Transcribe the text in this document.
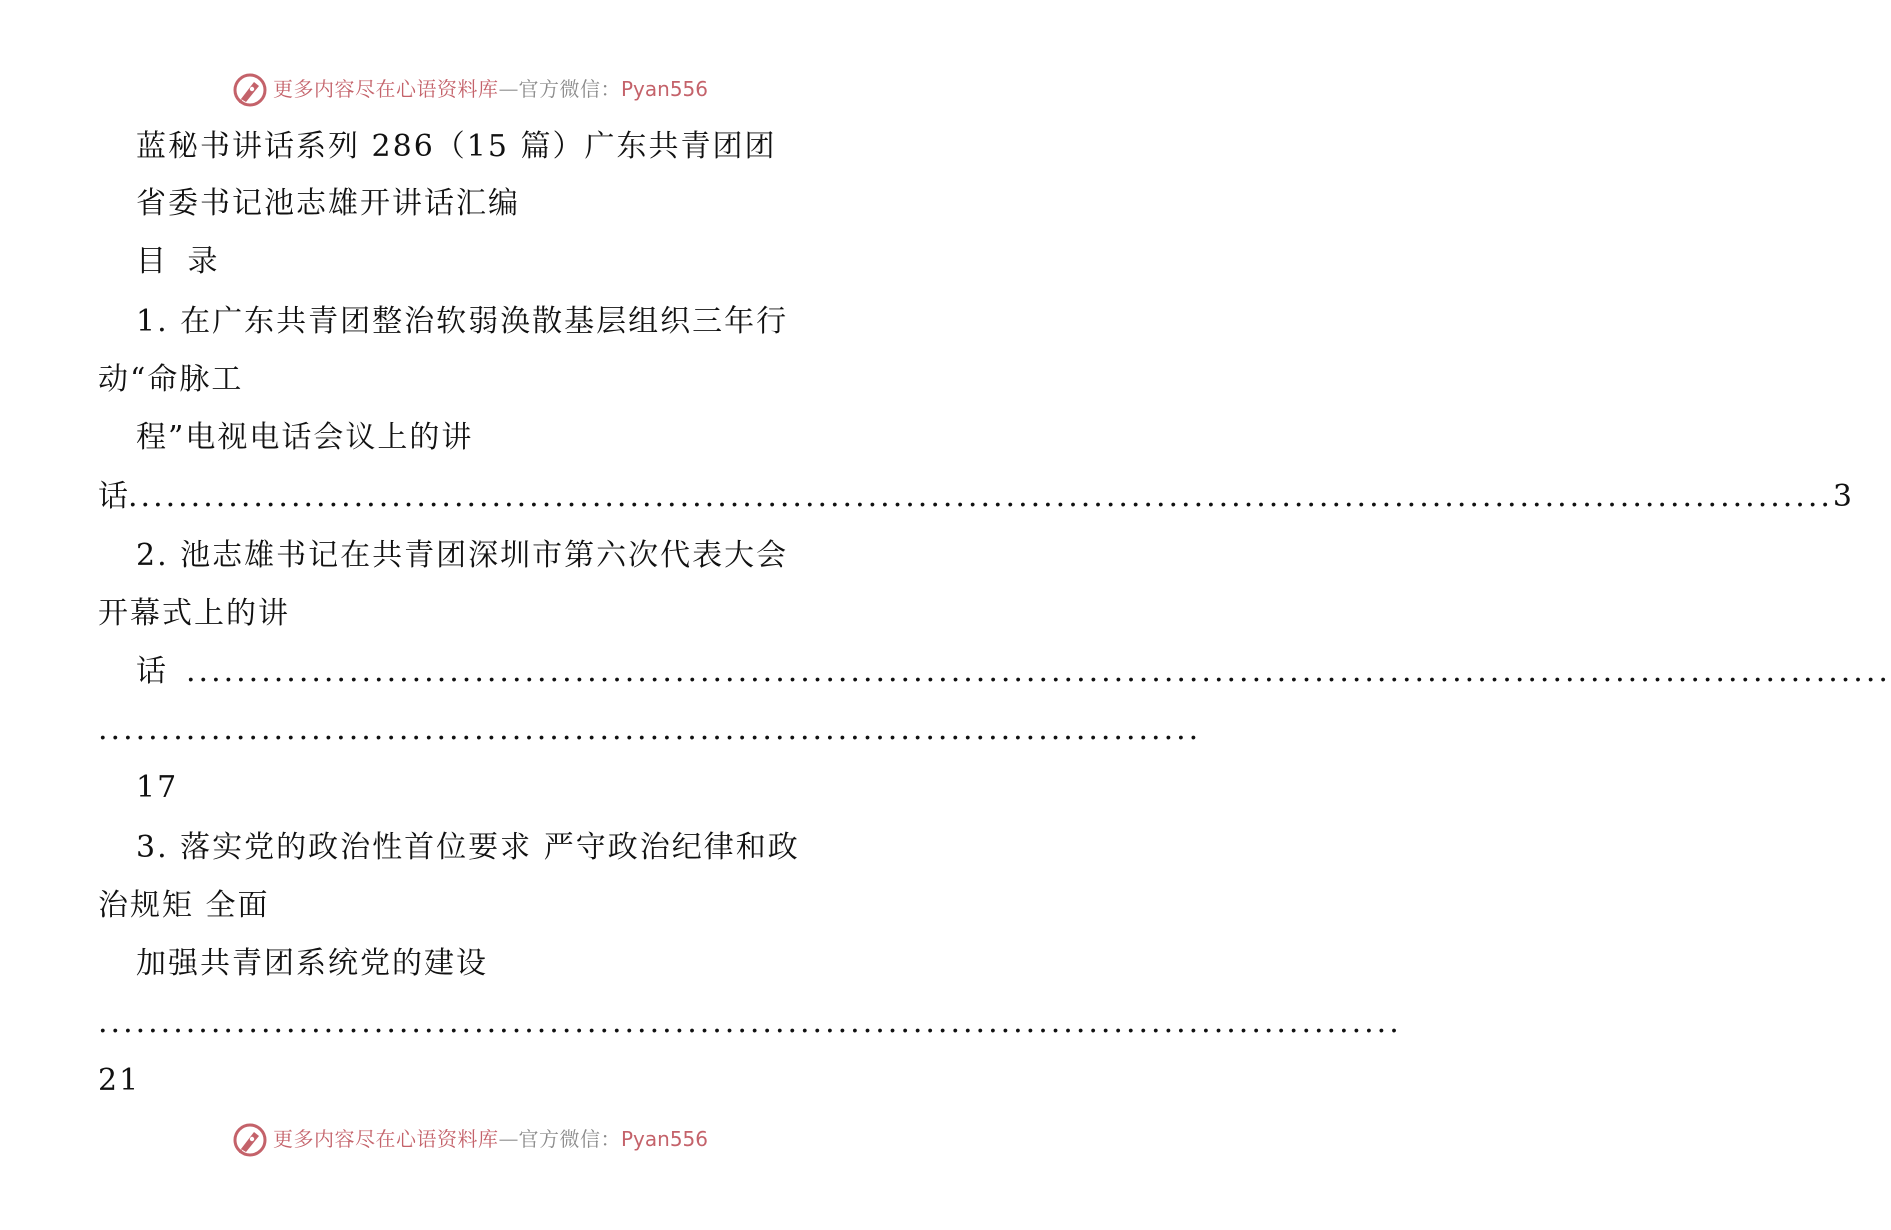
更多内容尽在心语资料库—官方微信：Pyan556
蓝秘书讲话系列 286（15 篇）广东共青团团
省委书记池志雄开讲话汇编
目 录
1. 在广东共青团整治软弱涣散基层组织三年行
动“命脉工
程”电视电话会议上的讲
话
.....	3
2. 池志雄书记在共青团深圳市第六次代表大会
开幕式上的讲
话
.....
........................................................................................
17
3. 落实党的政治性首位要求 严守政治纪律和政
治规矩 全面
加强共青团系统党的建设
........................................................................................................
21
更多内容尽在心语资料库—官方微信：Pyan556
